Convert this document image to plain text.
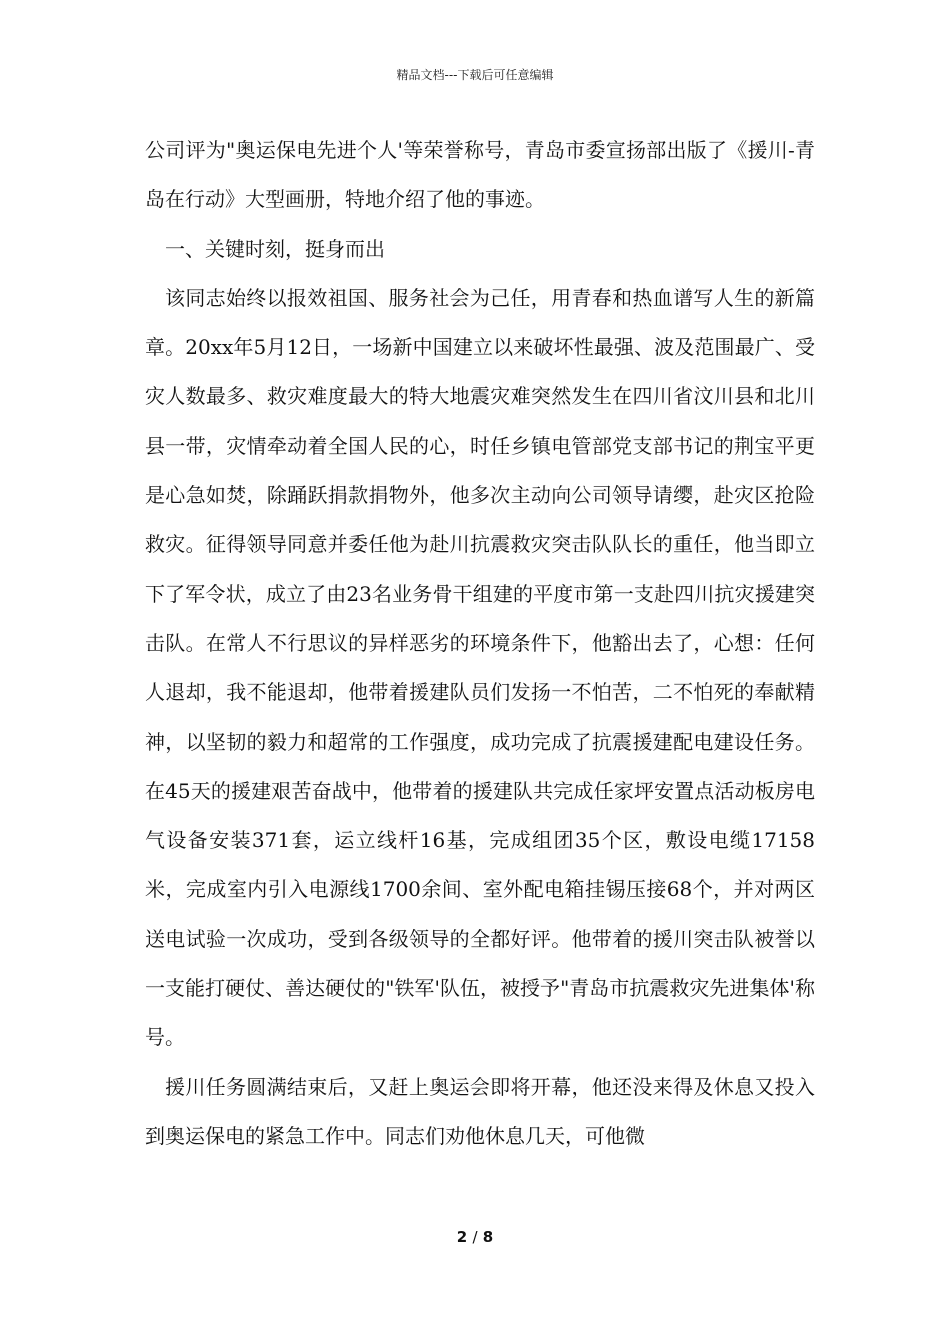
精品文档---下载后可任意编辑

公司评为"奥运保电先进个人'等荣誉称号，青岛市委宣扬部出版了《援川-青岛在行动》大型画册，特地介绍了他的事迹。

一、关键时刻，挺身而出

该同志始终以报效祖国、服务社会为己任，用青春和热血谱写人生的新篇章。20xx年5月12日，一场新中国建立以来破坏性最强、波及范围最广、受灾人数最多、救灾难度最大的特大地震灾难突然发生在四川省汶川县和北川县一带，灾情牵动着全国人民的心，时任乡镇电管部党支部书记的荆宝平更是心急如焚，除踊跃捐款捐物外，他多次主动向公司领导请缨，赴灾区抢险救灾。征得领导同意并委任他为赴川抗震救灾突击队队长的重任，他当即立下了军令状，成立了由23名业务骨干组建的平度市第一支赴四川抗灾援建突击队。在常人不行思议的异样恶劣的环境条件下，他豁出去了，心想：任何人退却，我不能退却，他带着援建队员们发扬一不怕苦，二不怕死的奉献精神，以坚韧的毅力和超常的工作强度，成功完成了抗震援建配电建设任务。在45天的援建艰苦奋战中，他带着的援建队共完成任家坪安置点活动板房电气设备安装371套，运立线杆16基，完成组团35个区，敷设电缆17158米，完成室内引入电源线1700余间、室外配电箱挂锡压接68个，并对两区送电试验一次成功，受到各级领导的全都好评。他带着的援川突击队被誉以一支能打硬仗、善达硬仗的"铁军'队伍，被授予"青岛市抗震救灾先进集体'称号。

援川任务圆满结束后，又赶上奥运会即将开幕，他还没来得及休息又投入到奥运保电的紧急工作中。同志们劝他休息几天，可他微

2 / 8
